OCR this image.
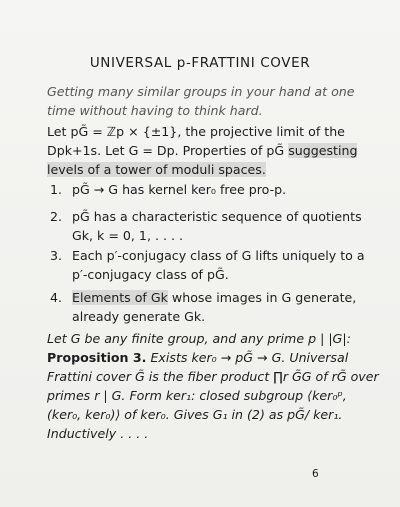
UNIVERSAL p-FRATTINI COVER
Getting many similar groups in your hand at one time without having to think hard.
Let pG̃ = ℤp × {±1}, the projective limit of the Dpk+1s. Let G = Dp. Properties of pG̃ suggesting levels of a tower of moduli spaces.
1. pG̃ → G has kernel ker₀ free pro-p.
2. pG̃ has a characteristic sequence of quotients Gk, k = 0, 1, . . . .
3. Each p′-conjugacy class of G lifts uniquely to a p′-conjugacy class of pG̃.
4. Elements of Gk whose images in G generate, already generate Gk.
Let G be any finite group, and any prime p | |G|:
Proposition 3. Exists ker₀ → pG̃ → G. Universal Frattini cover G̃ is the fiber product ∏r G̃G of rG̃ over primes r | G. Form ker₁: closed subgroup ⟨ker₀ᵖ, (ker₀, ker₀)⟩ of ker₀. Gives G₁ in (2) as pG̃/ ker₁. Inductively . . . .
6
